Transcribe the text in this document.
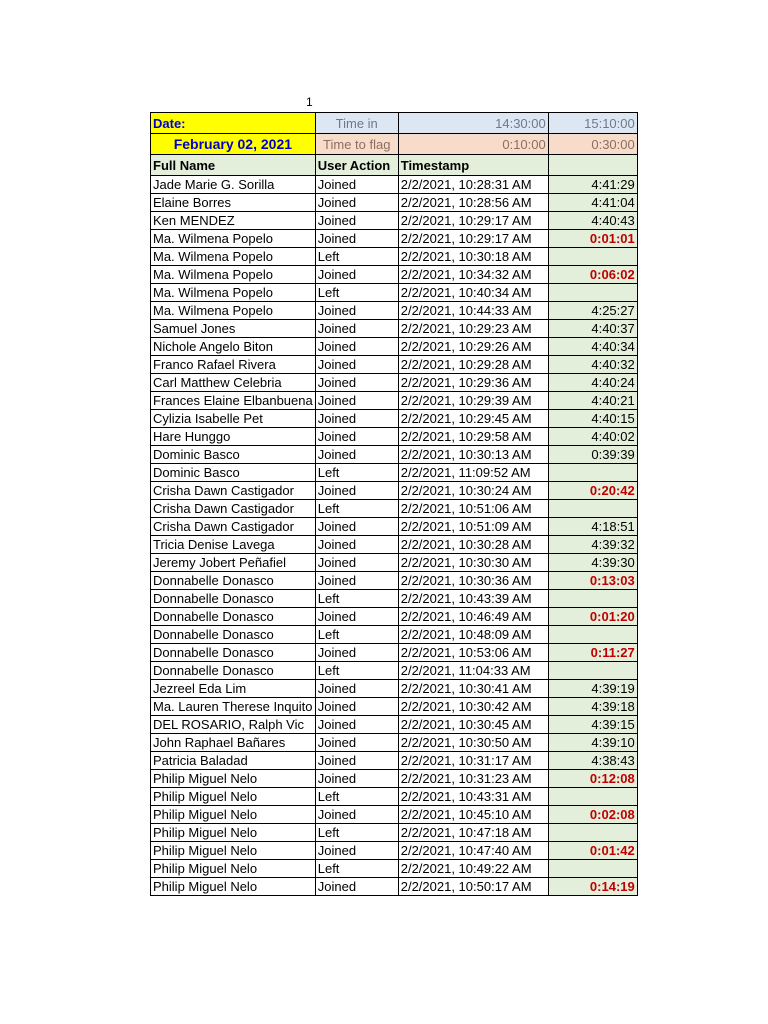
1
Date:	Time in	14:30:00	15:10:00
February 02, 2021	Time to flag	0:10:00	0:30:00
Full Name	User Action	Timestamp	
Jade Marie G. Sorilla	Joined	2/2/2021, 10:28:31 AM	4:41:29
Elaine Borres	Joined	2/2/2021, 10:28:56 AM	4:41:04
Ken MENDEZ	Joined	2/2/2021, 10:29:17 AM	4:40:43
Ma. Wilmena Popelo	Joined	2/2/2021, 10:29:17 AM	0:01:01
Ma. Wilmena Popelo	Left	2/2/2021, 10:30:18 AM	
Ma. Wilmena Popelo	Joined	2/2/2021, 10:34:32 AM	0:06:02
Ma. Wilmena Popelo	Left	2/2/2021, 10:40:34 AM	
Ma. Wilmena Popelo	Joined	2/2/2021, 10:44:33 AM	4:25:27
Samuel Jones	Joined	2/2/2021, 10:29:23 AM	4:40:37
Nichole Angelo Biton	Joined	2/2/2021, 10:29:26 AM	4:40:34
Franco Rafael Rivera	Joined	2/2/2021, 10:29:28 AM	4:40:32
Carl Matthew Celebria	Joined	2/2/2021, 10:29:36 AM	4:40:24
Frances Elaine Elbanbuena	Joined	2/2/2021, 10:29:39 AM	4:40:21
Cylizia Isabelle Pet	Joined	2/2/2021, 10:29:45 AM	4:40:15
Hare Hunggo	Joined	2/2/2021, 10:29:58 AM	4:40:02
Dominic Basco	Joined	2/2/2021, 10:30:13 AM	0:39:39
Dominic Basco	Left	2/2/2021, 11:09:52 AM	
Crisha Dawn Castigador	Joined	2/2/2021, 10:30:24 AM	0:20:42
Crisha Dawn Castigador	Left	2/2/2021, 10:51:06 AM	
Crisha Dawn Castigador	Joined	2/2/2021, 10:51:09 AM	4:18:51
Tricia Denise Lavega	Joined	2/2/2021, 10:30:28 AM	4:39:32
Jeremy Jobert Peñafiel	Joined	2/2/2021, 10:30:30 AM	4:39:30
Donnabelle Donasco	Joined	2/2/2021, 10:30:36 AM	0:13:03
Donnabelle Donasco	Left	2/2/2021, 10:43:39 AM	
Donnabelle Donasco	Joined	2/2/2021, 10:46:49 AM	0:01:20
Donnabelle Donasco	Left	2/2/2021, 10:48:09 AM	
Donnabelle Donasco	Joined	2/2/2021, 10:53:06 AM	0:11:27
Donnabelle Donasco	Left	2/2/2021, 11:04:33 AM	
Jezreel Eda Lim	Joined	2/2/2021, 10:30:41 AM	4:39:19
Ma. Lauren Therese Inquito	Joined	2/2/2021, 10:30:42 AM	4:39:18
DEL ROSARIO, Ralph Vic	Joined	2/2/2021, 10:30:45 AM	4:39:15
John Raphael Bañares	Joined	2/2/2021, 10:30:50 AM	4:39:10
Patricia Baladad	Joined	2/2/2021, 10:31:17 AM	4:38:43
Philip Miguel Nelo	Joined	2/2/2021, 10:31:23 AM	0:12:08
Philip Miguel Nelo	Left	2/2/2021, 10:43:31 AM	
Philip Miguel Nelo	Joined	2/2/2021, 10:45:10 AM	0:02:08
Philip Miguel Nelo	Left	2/2/2021, 10:47:18 AM	
Philip Miguel Nelo	Joined	2/2/2021, 10:47:40 AM	0:01:42
Philip Miguel Nelo	Left	2/2/2021, 10:49:22 AM	
Philip Miguel Nelo	Joined	2/2/2021, 10:50:17 AM	0:14:19
